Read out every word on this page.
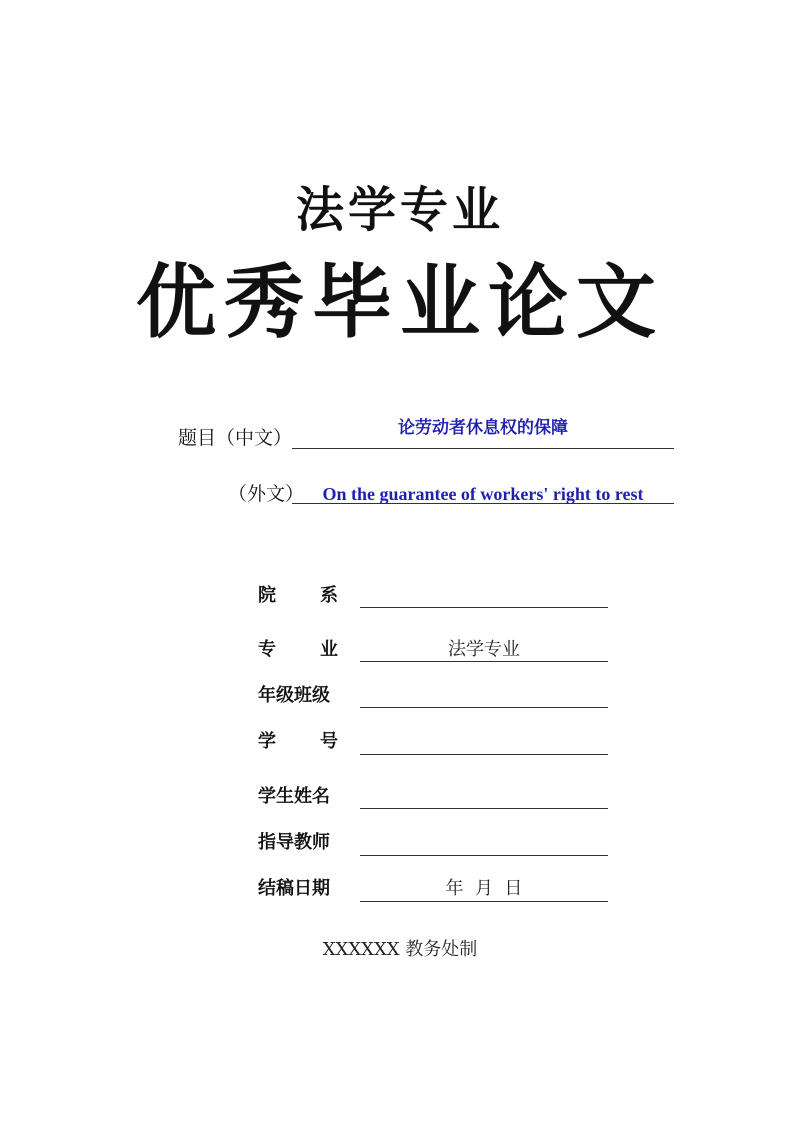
法学专业
优秀毕业论文
题目（中文）	论劳动者休息权的保障
（外文）	On the guarantee of workers' right to rest
院 系
专 业	法学专业
年级班级
学 号
学生姓名
指导教师
结稿日期	年  月  日
XXXXXX 教务处制
